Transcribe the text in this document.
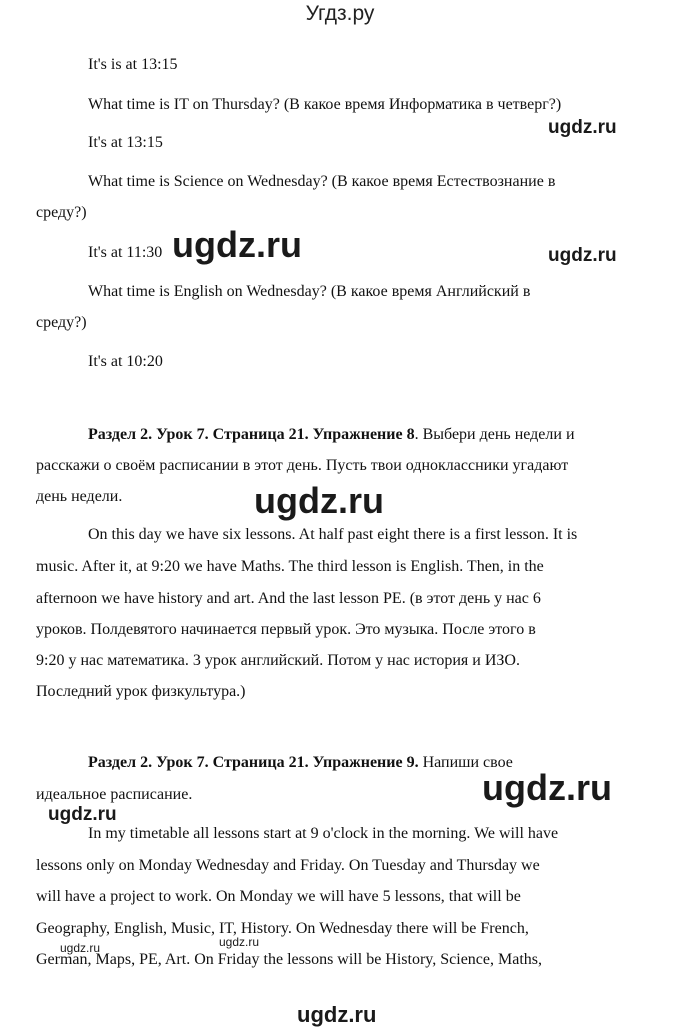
Угдз.ру
It's is at 13:15
What time is IT on Thursday? (В какое время Информатика в четверг?)
It's at 13:15
What time is Science on Wednesday? (В какое время Естествознание в
среду?)
It's at 11:30
What time is English on Wednesday? (В какое время Английский в
среду?)
It's at 10:20
Раздел 2. Урок 7. Страница 21. Упражнение 8. Выбери день недели и
расскажи о своём расписании в этот день. Пусть твои одноклассники угадают
день недели.
On this day we have six lessons. At half past eight there is a first lesson. It is
music. After it, at 9:20 we have Maths. The third lesson is English. Then, in the
afternoon we have history and art. And the last lesson PE. (в этот день у нас 6
уроков. Полдевятого начинается первый урок. Это музыка. После этого в
9:20 у нас математика. 3 урок английский. Потом у нас история и ИЗО.
Последний урок физкультура.)
Раздел 2. Урок 7. Страница 21. Упражнение 9. Напиши свое
идеальное расписание.
In my timetable all lessons start at 9 o'clock in the morning. We will have
lessons only on Monday Wednesday and Friday. On Tuesday and Thursday we
will have a project to work. On Monday we will have 5 lessons, that will be
Geography, English, Music, IT, History. On Wednesday there will be French,
German, Maps, PE, Art. On Friday the lessons will be History, Science, Maths,
ugdz.ru
ugdz.ru	ugdz.ru
ugdz.ru
ugdz.ru
ugdz.ru
ugdz.ru	ugdz.ru
ugdz.ru
